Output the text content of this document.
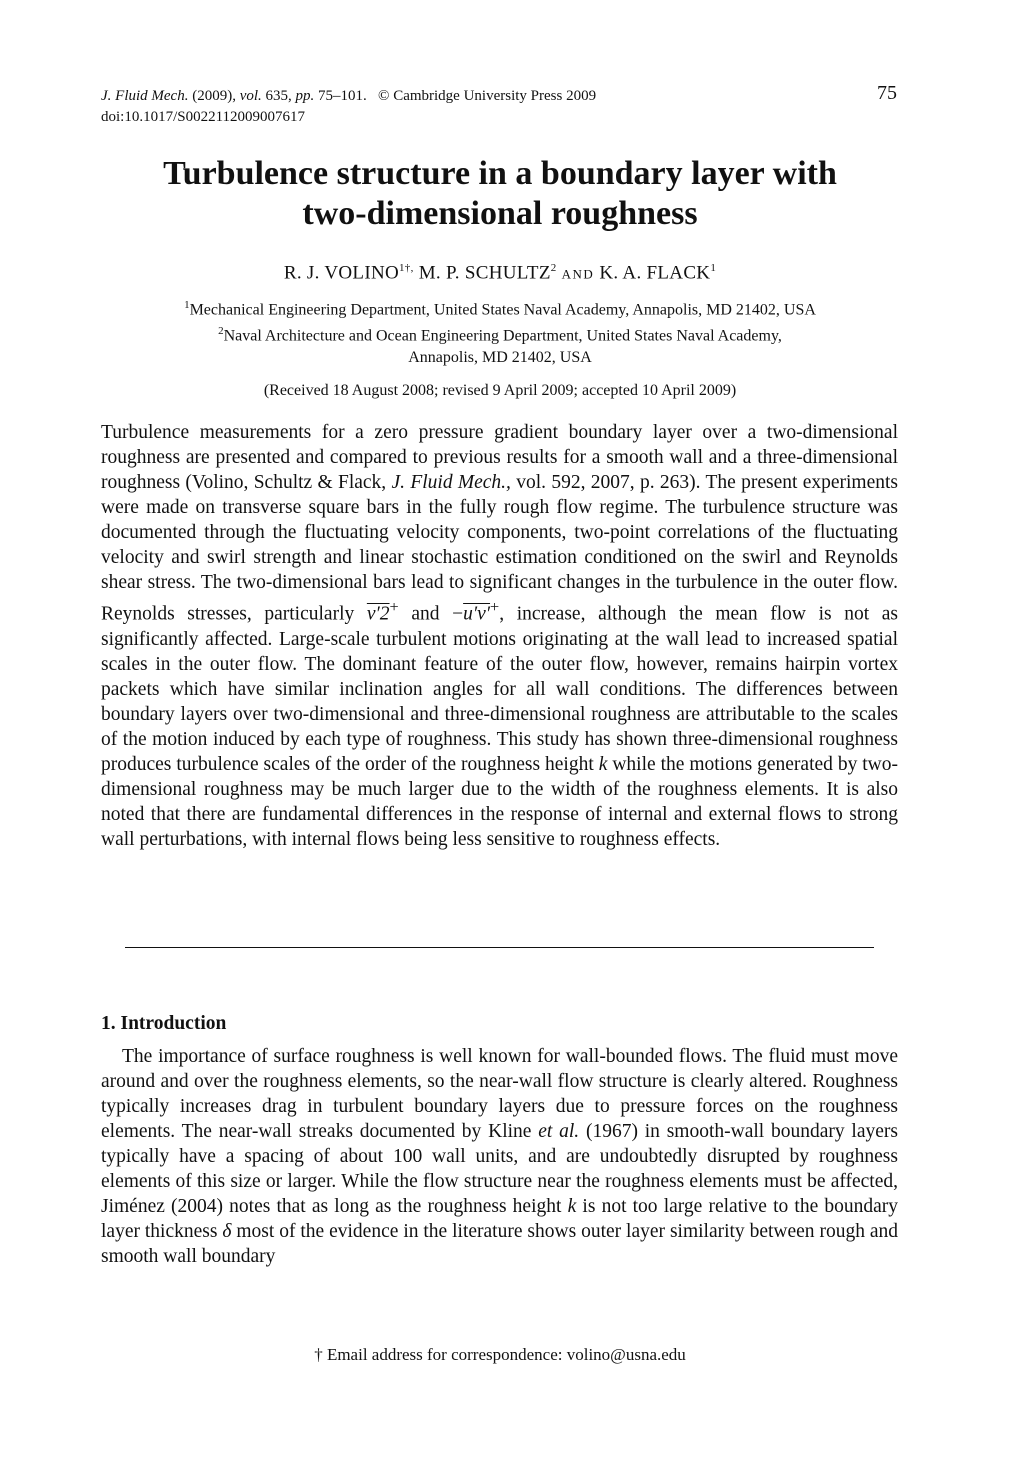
J. Fluid Mech. (2009), vol. 635, pp. 75–101. © Cambridge University Press 2009
doi:10.1017/S0022112009007617
75
Turbulence structure in a boundary layer with
two-dimensional roughness
R. J. $VOLINO^{1\dagger,}$ M. P. SCHULTZ$^2$ AND K. A. FLACK$^1$
$^1$Mechanical Engineering Department, United States Naval Academy, Annapolis, MD 21402, USA
$^2$Naval Architecture and Ocean Engineering Department, United States Naval Academy,
Annapolis, MD 21402, USA
(Received 18 August 2008; revised 9 April 2009; accepted 10 April 2009)
Turbulence measurements for a zero pressure gradient boundary layer over a two-dimensional roughness are presented and compared to previous results for a smooth wall and a three-dimensional roughness (Volino, Schultz & Flack, J. Fluid Mech., vol. 592, 2007, p. 263). The present experiments were made on transverse square bars in the fully rough flow regime. The turbulence structure was documented through the fluctuating velocity components, two-point correlations of the fluctuating velocity and swirl strength and linear stochastic estimation conditioned on the swirl and Reynolds shear stress. The two-dimensional bars lead to significant changes in the turbulence in the outer flow. Reynolds stresses, particularly v′2+ and −u′v′+, increase, although the mean flow is not as significantly affected. Large-scale turbulent motions originating at the wall lead to increased spatial scales in the outer flow. The dominant feature of the outer flow, however, remains hairpin vortex packets which have similar inclination angles for all wall conditions. The differences between boundary layers over two-dimensional and three-dimensional roughness are attributable to the scales of the motion induced by each type of roughness. This study has shown three-dimensional roughness produces turbulence scales of the order of the roughness height k while the motions generated by two-dimensional roughness may be much larger due to the width of the roughness elements. It is also noted that there are fundamental differences in the response of internal and external flows to strong wall perturbations, with internal flows being less sensitive to roughness effects.
1. Introduction
The importance of surface roughness is well known for wall-bounded flows. The fluid must move around and over the roughness elements, so the near-wall flow structure is clearly altered. Roughness typically increases drag in turbulent boundary layers due to pressure forces on the roughness elements. The near-wall streaks documented by Kline et al. (1967) in smooth-wall boundary layers typically have a spacing of about 100 wall units, and are undoubtedly disrupted by roughness elements of this size or larger. While the flow structure near the roughness elements must be affected, Jiménez (2004) notes that as long as the roughness height k is not too large relative to the boundary layer thickness δ most of the evidence in the literature shows outer layer similarity between rough and smooth wall boundary
† Email address for correspondence: volino@usna.edu
